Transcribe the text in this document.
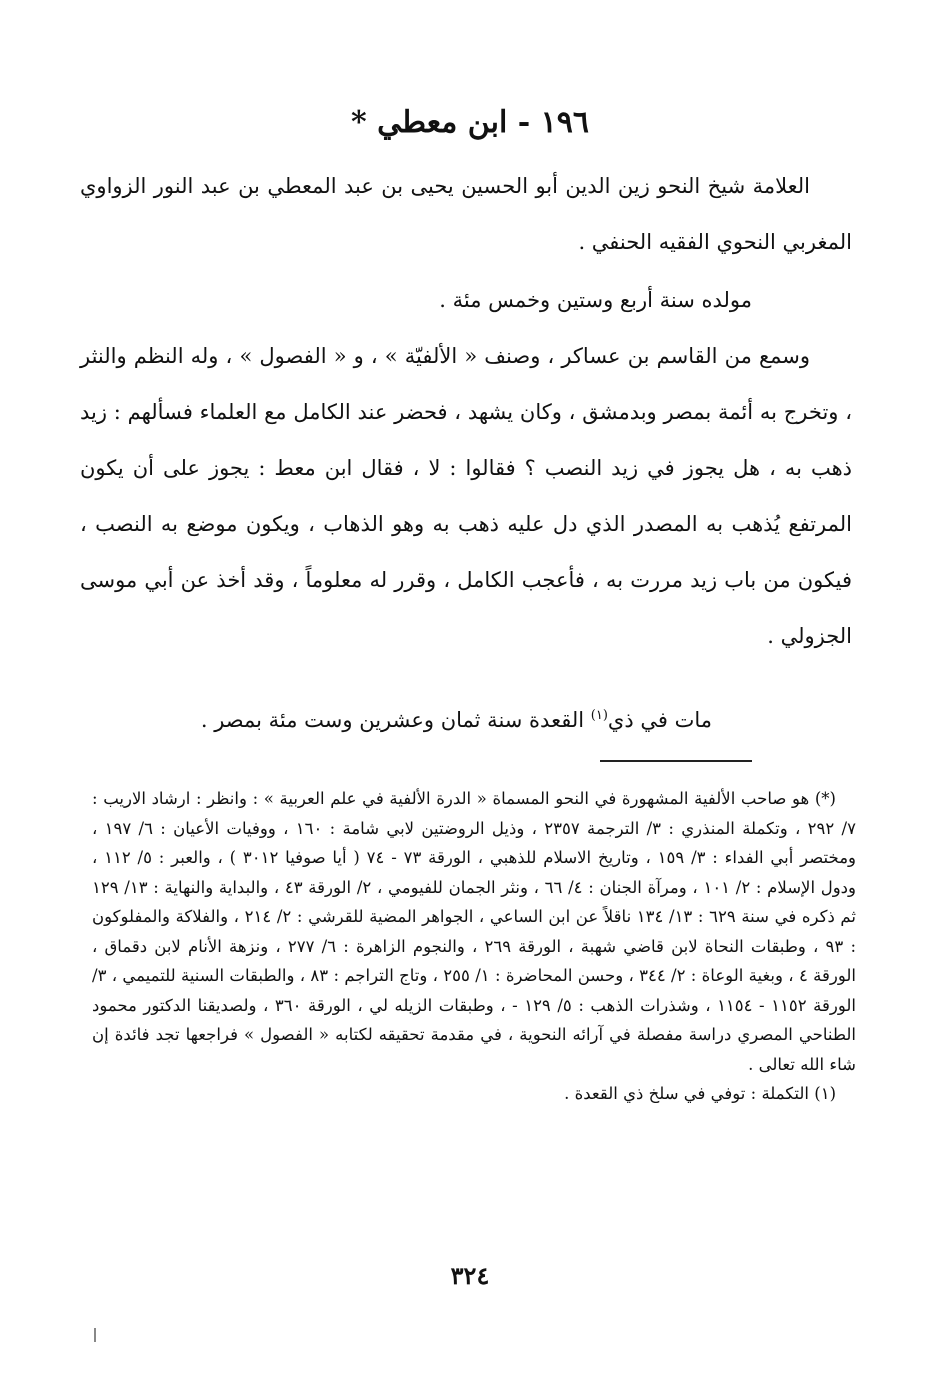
١٩٦ - ابن معطي *

العلامة شيخ النحو زين الدين أبو الحسين يحيى بن عبد المعطي بن عبد النور الزواوي المغربي النحوي الفقيه الحنفي .

مولده سنة أربع وستين وخمس مئة .

وسمع من القاسم بن عساكر ، وصنف « الألفيّة » ، و « الفصول » ، وله النظم والنثر ، وتخرج به أئمة بمصر وبدمشق ، وكان يشهد ، فحضر عند الكامل مع العلماء فسألهم : زيد ذهب به ، هل يجوز في زيد النصب ؟ فقالوا : لا ، فقال ابن معط : يجوز على أن يكون المرتفع يُذهب به المصدر الذي دل عليه ذهب به وهو الذهاب ، ويكون موضع به النصب ، فيكون من باب زيد مررت به ، فأعجب الكامل ، وقرر له معلوماً ، وقد أخذ عن أبي موسى الجزولي .

مات في ذي$^{(١)}$ القعدة سنة ثمان وعشرين وست مئة بمصر .

(*) هو صاحب الألفية المشهورة في النحو المسماة « الدرة الألفية في علم العربية » : وانظر : ارشاد الاريب : ٧/ ٢٩٢ ، وتكملة المنذري : ٣/ الترجمة ٢٣٥٧ ، وذيل الروضتين لابي شامة : ١٦٠ ، ووفيات الأعيان : ٦/ ١٩٧ ، ومختصر أبي الفداء : ٣/ ١٥٩ ، وتاريخ الاسلام للذهبي ، الورقة ٧٣ - ٧٤ ( أيا صوفيا ٣٠١٢ ) ، والعبر : ٥/ ١١٢ ، ودول الإسلام : ٢/ ١٠١ ، ومرآة الجنان : ٤/ ٦٦ ، ونثر الجمان للفيومي ، ٢/ الورقة ٤٣ ، والبداية والنهاية : ١٣/ ١٢٩ ثم ذكره في سنة ٦٢٩ : ١٣/ ١٣٤ ناقلاً عن ابن الساعي ، الجواهر المضية للقرشي : ٢/ ٢١٤ ، والفلاكة والمفلوكون : ٩٣ ، وطبقات النحاة لابن قاضي شهبة ، الورقة ٢٦٩ ، والنجوم الزاهرة : ٦/ ٢٧٧ ، ونزهة الأنام لابن دقماق ، الورقة ٤ ، وبغية الوعاة : ٢/ ٣٤٤ ، وحسن المحاضرة : ١/ ٢٥٥ ، وتاج التراجم : ٨٣ ، والطبقات السنية للتميمي ، ٣/ الورقة ١١٥٢ - ١١٥٤ ، وشذرات الذهب : ٥/ ١٢٩ - ، وطبقات الزيله لي ، الورقة ٣٦٠ ، ولصديقنا الدكتور محمود الطناحي المصري دراسة مفصلة في آرائه النحوية ، في مقدمة تحقيقه لكتابه « الفصول » فراجعها تجد فائدة إن شاء الله تعالى .

(١) التكملة : توفي في سلخ ذي القعدة .

٣٢٤
